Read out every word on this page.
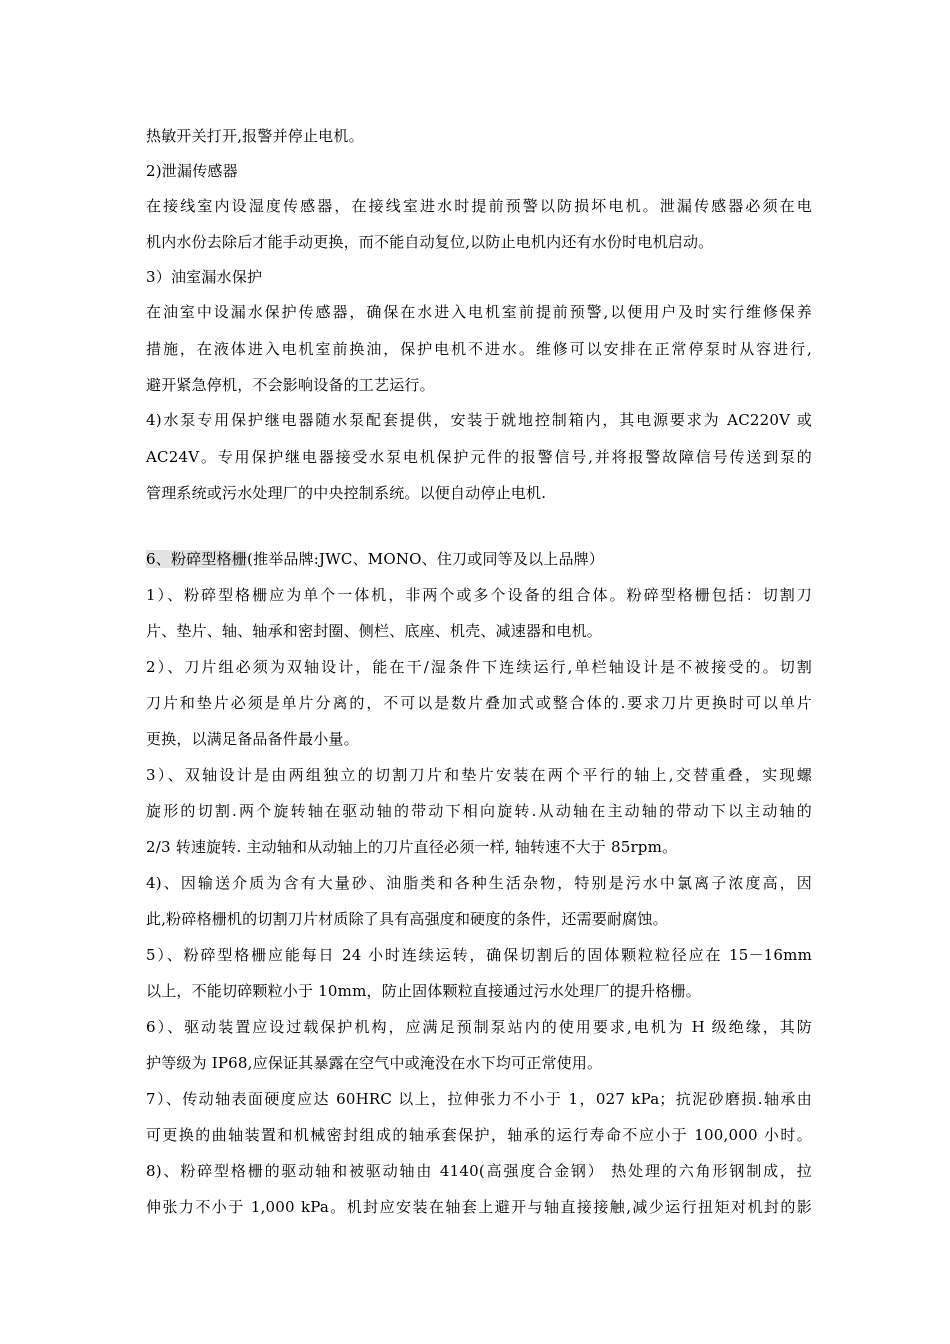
热敏开关打开,报警并停止电机。
2)泄漏传感器
在接线室内设湿度传感器，在接线室进水时提前预警以防损坏电机。泄漏传感器必须在电
机内水份去除后才能手动更换，而不能自动复位,以防止电机内还有水份时电机启动。
3）油室漏水保护
在油室中设漏水保护传感器，确保在水进入电机室前提前预警,以便用户及时实行维修保养
措施，在液体进入电机室前换油，保护电机不进水。维修可以安排在正常停泵时从容进行,
避开紧急停机，不会影响设备的工艺运行。
4)水泵专用保护继电器随水泵配套提供，安装于就地控制箱内，其电源要求为 AC220V 或
AC24V。专用保护继电器接受水泵电机保护元件的报警信号,并将报警故障信号传送到泵的
管理系统或污水处理厂的中央控制系统。以便自动停止电机.
6、粉碎型格栅(推举品牌:JWC、MONO、住刀或同等及以上品牌）
1）、粉碎型格栅应为单个一体机，非两个或多个设备的组合体。粉碎型格栅包括：切割刀
片、垫片、轴、轴承和密封圈、侧栏、底座、机壳、减速器和电机。
2）、刀片组必须为双轴设计，能在干/湿条件下连续运行,单栏轴设计是不被接受的。切割
刀片和垫片必须是单片分离的，不可以是数片叠加式或整合体的.要求刀片更换时可以单片
更换，以满足备品备件最小量。
3）、双轴设计是由两组独立的切割刀片和垫片安装在两个平行的轴上,交替重叠，实现螺
旋形的切割.两个旋转轴在驱动轴的带动下相向旋转.从动轴在主动轴的带动下以主动轴的
2/3 转速旋转. 主动轴和从动轴上的刀片直径必须一样, 轴转速不大于 85rpm。
4)、因输送介质为含有大量砂、油脂类和各种生活杂物，特别是污水中氯离子浓度高，因
此,粉碎格栅机的切割刀片材质除了具有高强度和硬度的条件，还需要耐腐蚀。
5）、粉碎型格栅应能每日 24 小时连续运转，确保切割后的固体颗粒粒径应在 15－16mm
以上，不能切碎颗粒小于 10mm，防止固体颗粒直接通过污水处理厂的提升格栅。
6）、驱动装置应设过载保护机构，应满足预制泵站内的使用要求,电机为 H 级绝缘，其防
护等级为 IP68,应保证其暴露在空气中或淹没在水下均可正常使用。
7）、传动轴表面硬度应达 60HRC 以上，拉伸张力不小于 1，027 kPa；抗泥砂磨损.轴承由
可更换的曲轴装置和机械密封组成的轴承套保护，轴承的运行寿命不应小于 100,000 小时。
8)、粉碎型格栅的驱动轴和被驱动轴由 4140(高强度合金钢） 热处理的六角形钢制成，拉
伸张力不小于 1,000 kPa。机封应安装在轴套上避开与轴直接接触,减少运行扭矩对机封的影
